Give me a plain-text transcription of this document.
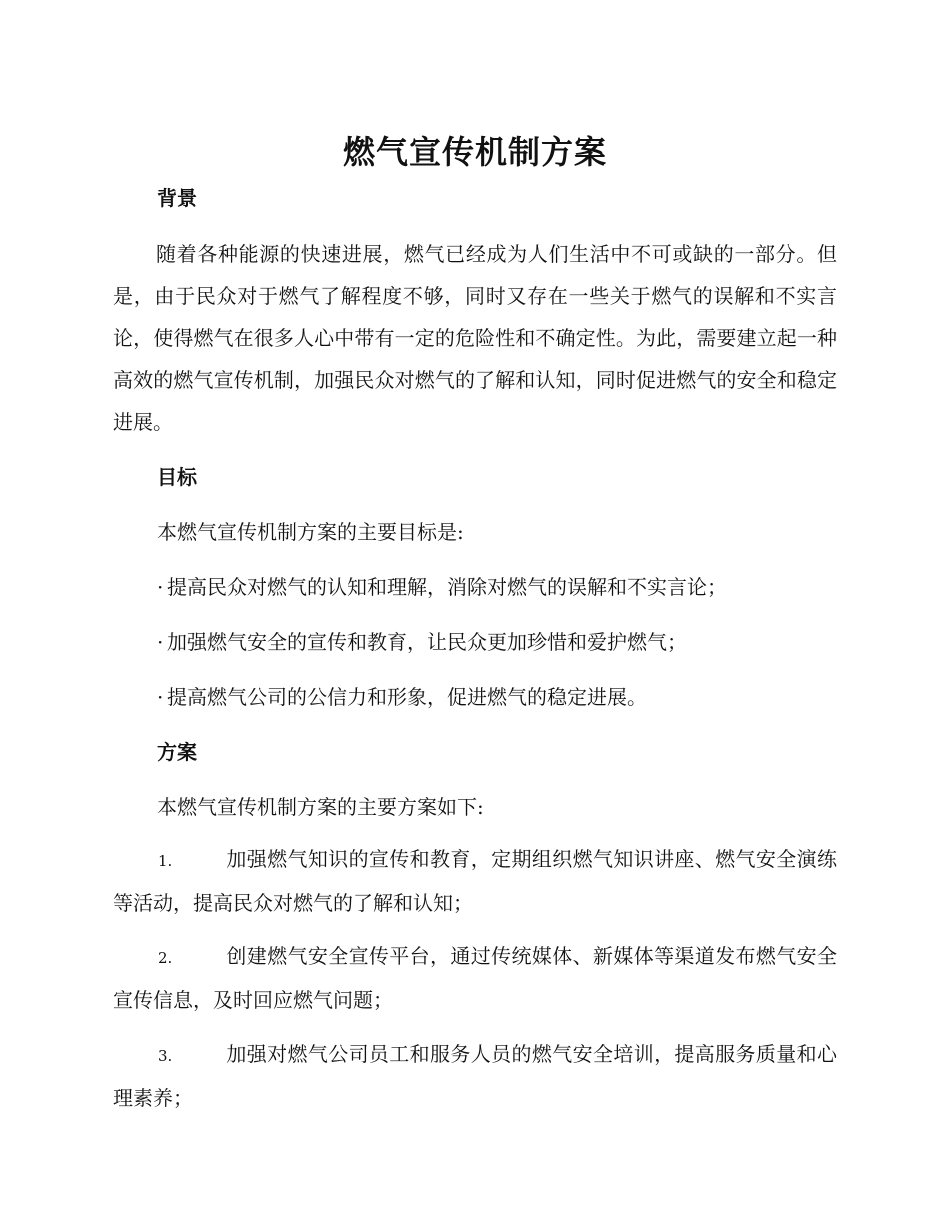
燃气宣传机制方案
背景

随着各种能源的快速进展，燃气已经成为人们生活中不可或缺的一部分。但是，由于民众对于燃气了解程度不够，同时又存在一些关于燃气的误解和不实言论，使得燃气在很多人心中带有一定的危险性和不确定性。为此，需要建立起一种高效的燃气宣传机制，加强民众对燃气的了解和认知，同时促进燃气的安全和稳定进展。

目标

本燃气宣传机制方案的主要目标是:

· 提高民众对燃气的认知和理解，消除对燃气的误解和不实言论；

· 加强燃气安全的宣传和教育，让民众更加珍惜和爱护燃气；

· 提高燃气公司的公信力和形象，促进燃气的稳定进展。

方案

本燃气宣传机制方案的主要方案如下:

1.	加强燃气知识的宣传和教育，定期组织燃气知识讲座、燃气安全演练等活动，提高民众对燃气的了解和认知；

2.	创建燃气安全宣传平台，通过传统媒体、新媒体等渠道发布燃气安全宣传信息，及时回应燃气问题；

3.	加强对燃气公司员工和服务人员的燃气安全培训，提高服务质量和心理素养；
